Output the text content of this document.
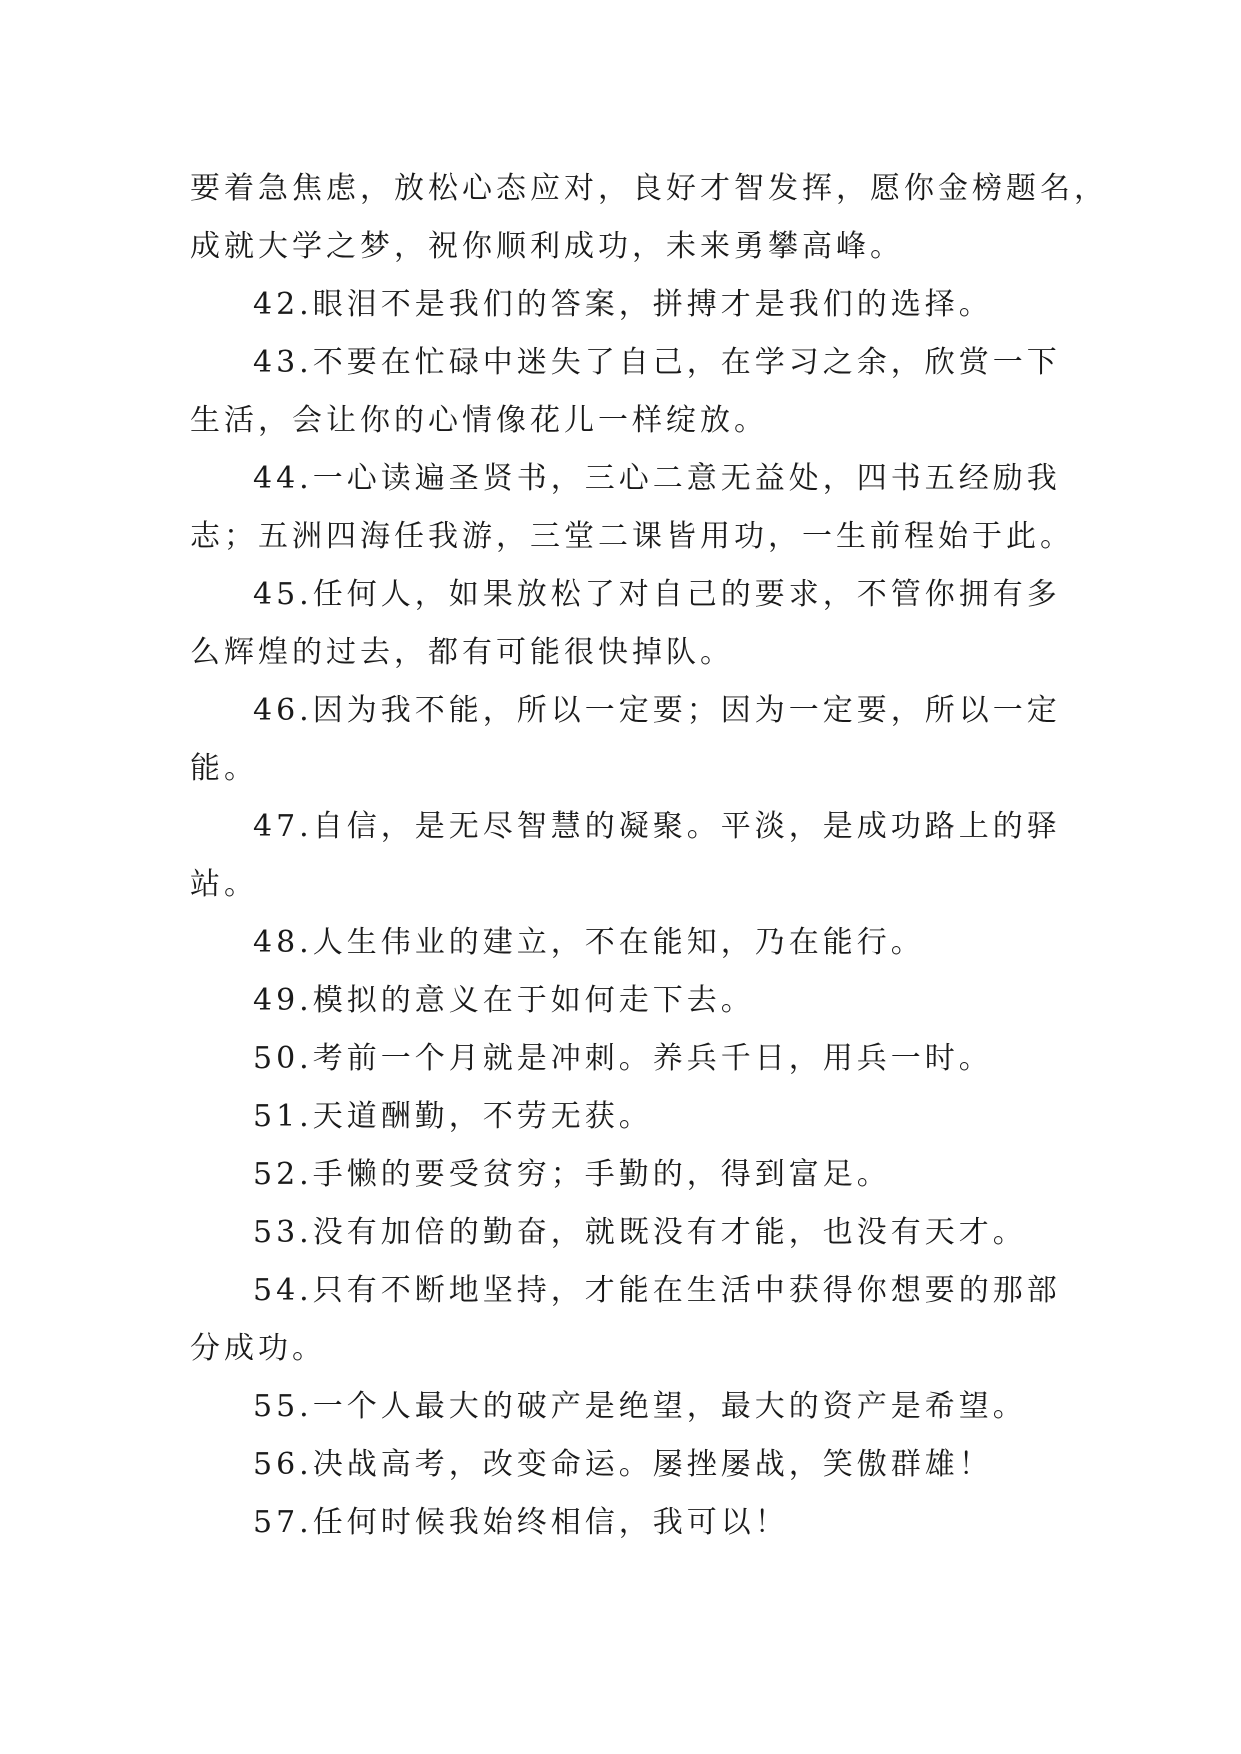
要着急焦虑，放松心态应对，良好才智发挥，愿你金榜题名，
成就大学之梦，祝你顺利成功，未来勇攀高峰。
42.眼泪不是我们的答案，拼搏才是我们的选择。
43.不要在忙碌中迷失了自己，在学习之余，欣赏一下
生活，会让你的心情像花儿一样绽放。
44.一心读遍圣贤书，三心二意无益处，四书五经励我
志；五洲四海任我游，三堂二课皆用功，一生前程始于此。
45.任何人，如果放松了对自己的要求，不管你拥有多
么辉煌的过去，都有可能很快掉队。
46.因为我不能，所以一定要；因为一定要，所以一定
能。
47.自信，是无尽智慧的凝聚。平淡，是成功路上的驿
站。
48.人生伟业的建立，不在能知，乃在能行。
49.模拟的意义在于如何走下去。
50.考前一个月就是冲刺。养兵千日，用兵一时。
51.天道酬勤，不劳无获。
52.手懒的要受贫穷；手勤的，得到富足。
53.没有加倍的勤奋，就既没有才能，也没有天才。
54.只有不断地坚持，才能在生活中获得你想要的那部
分成功。
55.一个人最大的破产是绝望，最大的资产是希望。
56.决战高考，改变命运。屡挫屡战，笑傲群雄！
57.任何时候我始终相信，我可以！
